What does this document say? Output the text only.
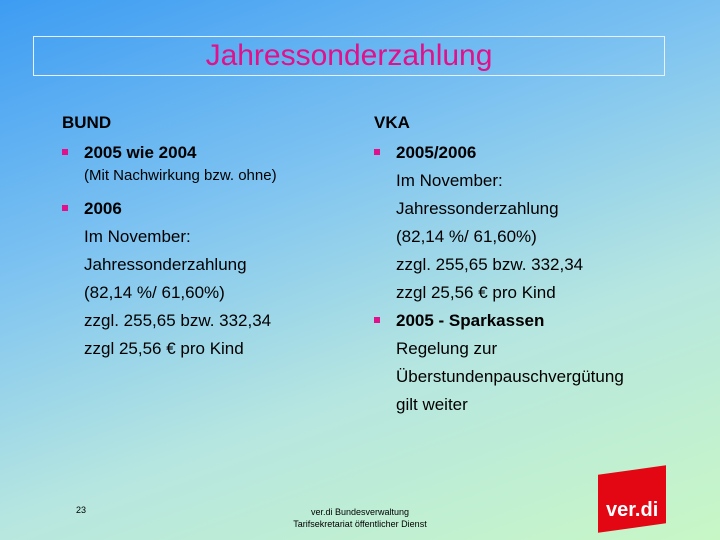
Jahressonderzahlung
BUND
2005 wie 2004
(Mit Nachwirkung bzw. ohne)
2006
Im November:
Jahressonderzahlung
(82,14 %/ 61,60%)
zzgl. 255,65 bzw. 332,34
zzgl 25,56 € pro Kind
VKA
2005/2006
Im November:
Jahressonderzahlung
(82,14 %/ 61,60%)
zzgl. 255,65 bzw. 332,34
zzgl 25,56 € pro Kind
2005 - Sparkassen
Regelung zur
Überstundenpauschvergütung
gilt weiter
23	ver.di Bundesverwaltung
Tarifsekretariat öffentlicher Dienst
ver.di
